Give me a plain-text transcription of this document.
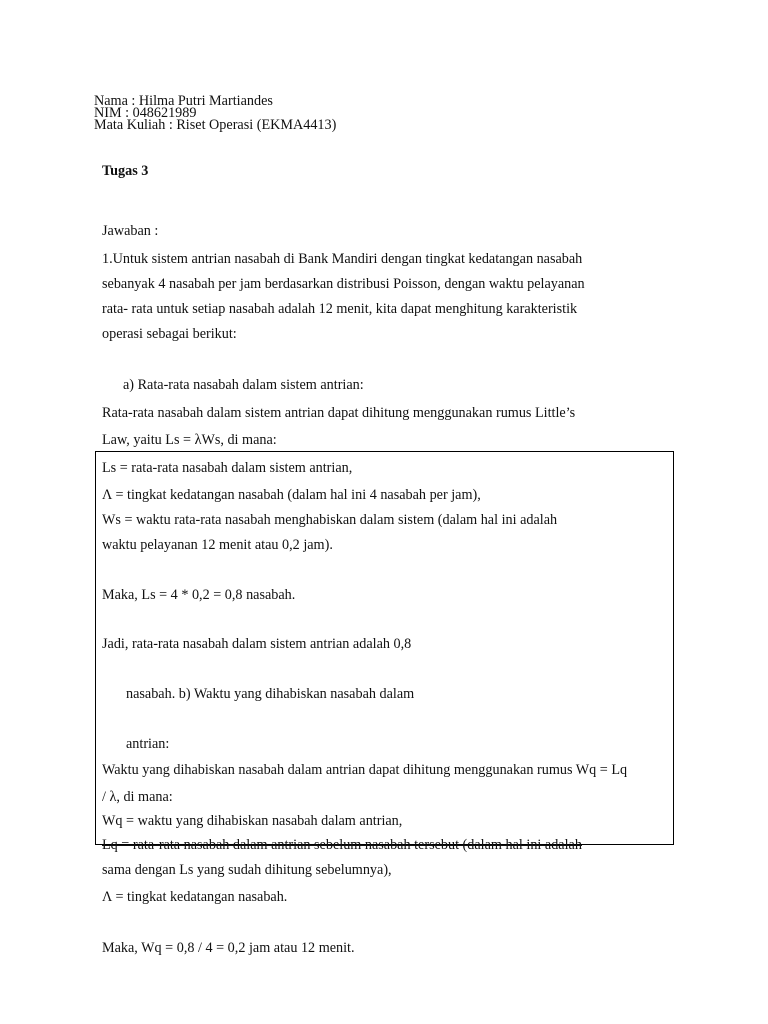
Nama : Hilma Putri Martiandes
NIM : 048621989
Mata Kuliah : Riset Operasi (EKMA4413)
Tugas 3
Jawaban :
1.Untuk sistem antrian nasabah di Bank Mandiri dengan tingkat kedatangan nasabah
sebanyak 4 nasabah per jam berdasarkan distribusi Poisson, dengan waktu pelayanan
rata- rata untuk setiap nasabah adalah 12 menit, kita dapat menghitung karakteristik
operasi sebagai berikut:
a) Rata-rata nasabah dalam sistem antrian:
Rata-rata nasabah dalam sistem antrian dapat dihitung menggunakan rumus Little’s
Law, yaitu Ls = λWs, di mana:
Ls = rata-rata nasabah dalam sistem antrian,
Λ = tingkat kedatangan nasabah (dalam hal ini 4 nasabah per jam),
Ws = waktu rata-rata nasabah menghabiskan dalam sistem (dalam hal ini adalah
waktu pelayanan 12 menit atau 0,2 jam).
Maka, Ls = 4 * 0,2 = 0,8 nasabah.
Jadi, rata-rata nasabah dalam sistem antrian adalah 0,8
nasabah. b) Waktu yang dihabiskan nasabah dalam
antrian:
Waktu yang dihabiskan nasabah dalam antrian dapat dihitung menggunakan rumus Wq = Lq
/ λ, di mana:
Wq = waktu yang dihabiskan nasabah dalam antrian,
Lq = rata-rata nasabah dalam antrian sebelum nasabah tersebut (dalam hal ini adalah
sama dengan Ls yang sudah dihitung sebelumnya),
Λ = tingkat kedatangan nasabah.
Maka, Wq = 0,8 / 4 = 0,2 jam atau 12 menit.
